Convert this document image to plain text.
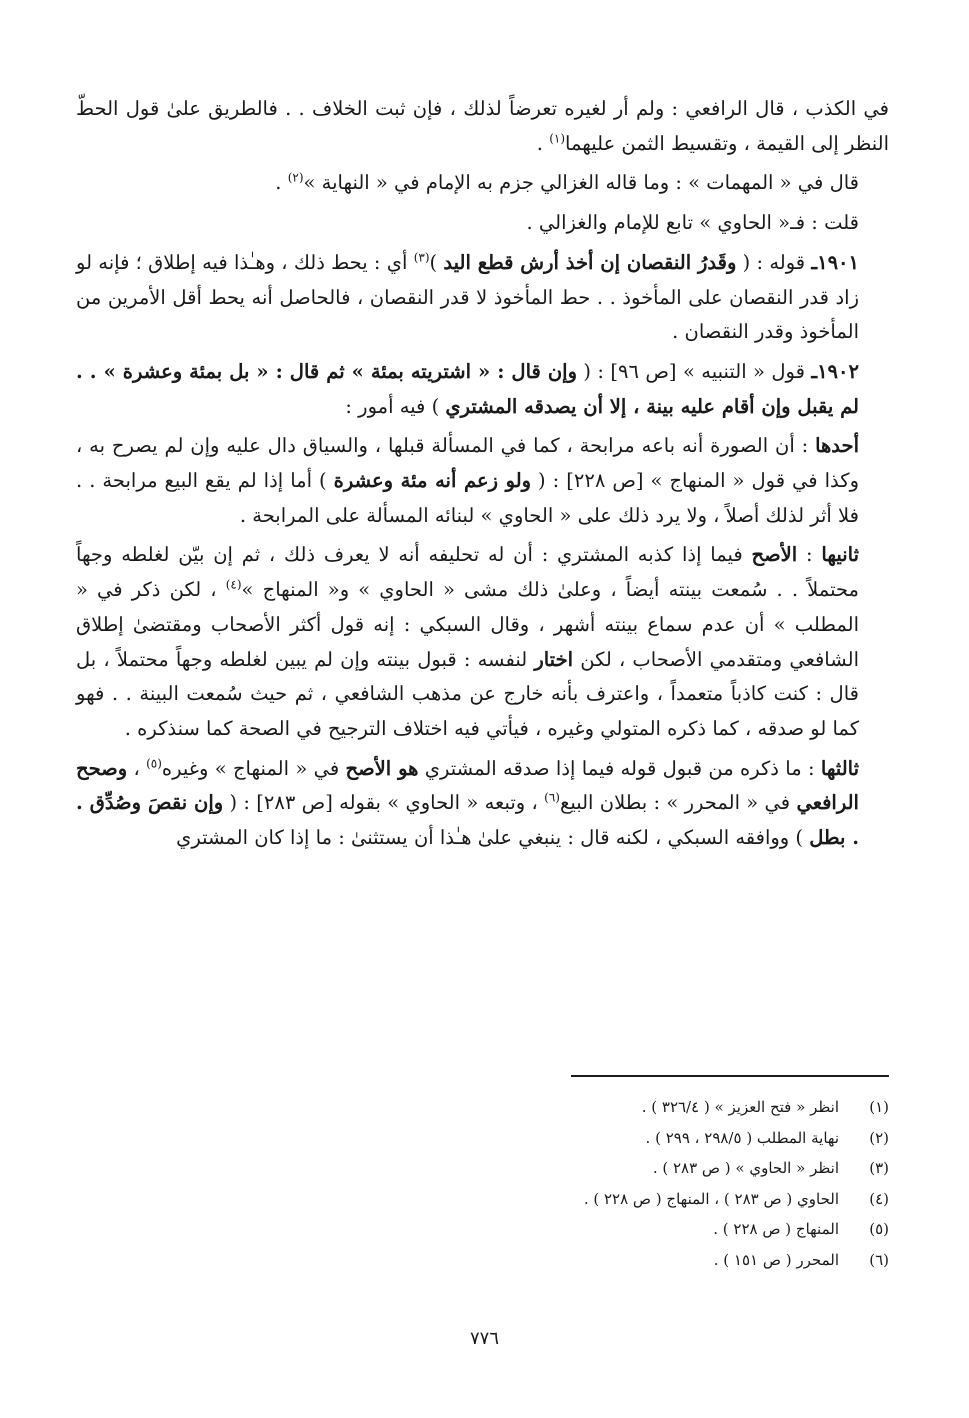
في الكذب ، قال الرافعي : ولم أر لغيره تعرضاً لذلك ، فإن ثبت الخلاف . . فالطريق علىٰ قول الحطّ النظر إلى القيمة ، وتقسيط الثمن عليهما$^{(١)}$ .

قال في « المهمات » : وما قاله الغزالي جزم به الإمام في « النهاية »$^{(٢)}$ .

قلت : فـ« الحاوي » تابع للإمام والغزالي .

١٩٠١ـ قوله : ( وقَدرُ النقصان إن أخذ أرش قطع اليد )$^{(٣)}$ أي : يحط ذلك ، وهـٰذا فيه إطلاق ؛ فإنه لو زاد قدر النقصان على المأخوذ . . حط المأخوذ لا قدر النقصان ، فالحاصل أنه يحط أقل الأمرين من المأخوذ وقدر النقصان .

١٩٠٢ـ قول « التنبيه » [ص ٩٦] : ( وإن قال : « اشتريته بمئة » ثم قال : « بل بمئة وعشرة » . . لم يقبل وإن أقام عليه بينة ، إلا أن يصدقه المشتري ) فيه أمور :

أحدها : أن الصورة أنه باعه مرابحة ، كما في المسألة قبلها ، والسياق دال عليه وإن لم يصرح به ، وكذا في قول « المنهاج » [ص ٢٢٨] : ( ولو زعم أنه مئة وعشرة ) أما إذا لم يقع البيع مرابحة . . فلا أثر لذلك أصلاً ، ولا يرد ذلك على « الحاوي » لبنائه المسألة على المرابحة .

ثانيها : الأصح فيما إذا كذبه المشتري : أن له تحليفه أنه لا يعرف ذلك ، ثم إن بيّن لغلطه وجهاً محتملاً . . سُمعت بينته أيضاً ، وعلىٰ ذلك مشى « الحاوي » و« المنهاج »$^{(٤)}$ ، لكن ذكر في « المطلب » أن عدم سماع بينته أشهر ، وقال السبكي : إنه قول أكثر الأصحاب ومقتضىٰ إطلاق الشافعي ومتقدمي الأصحاب ، لكن اختار لنفسه : قبول بينته وإن لم يبين لغلطه وجهاً محتملاً ، بل قال : كنت كاذباً متعمداً ، واعترف بأنه خارج عن مذهب الشافعي ، ثم حيث سُمعت البينة . . فهو كما لو صدقه ، كما ذكره المتولي وغيره ، فيأتي فيه اختلاف الترجيح في الصحة كما سنذكره .

ثالثها : ما ذكره من قبول قوله فيما إذا صدقه المشتري هو الأصح في « المنهاج » وغيره$^{(٥)}$ ، وصحح الرافعي في « المحرر » : بطلان البيع$^{(٦)}$ ، وتبعه « الحاوي » بقوله [ص ٢٨٣] : ( وإن نقصَ وصُدِّق . . بطل ) ووافقه السبكي ، لكنه قال : ينبغي علىٰ هـٰذا أن يستثنىٰ : ما إذا كان المشتري

(١)
انظر « فتح العزيز » ( ٣٢٦/٤ ) .
(٢)
نهاية المطلب ( ٢٩٨/٥ ، ٢٩٩ ) .
(٣)
انظر « الحاوي » ( ص ٢٨٣ ) .
(٤)
الحاوي ( ص ٢٨٣ ) ، المنهاج ( ص ٢٢٨ ) .
(٥)
المنهاج ( ص ٢٢٨ ) .
(٦)
المحرر ( ص ١٥١ ) .
٧٧٦
